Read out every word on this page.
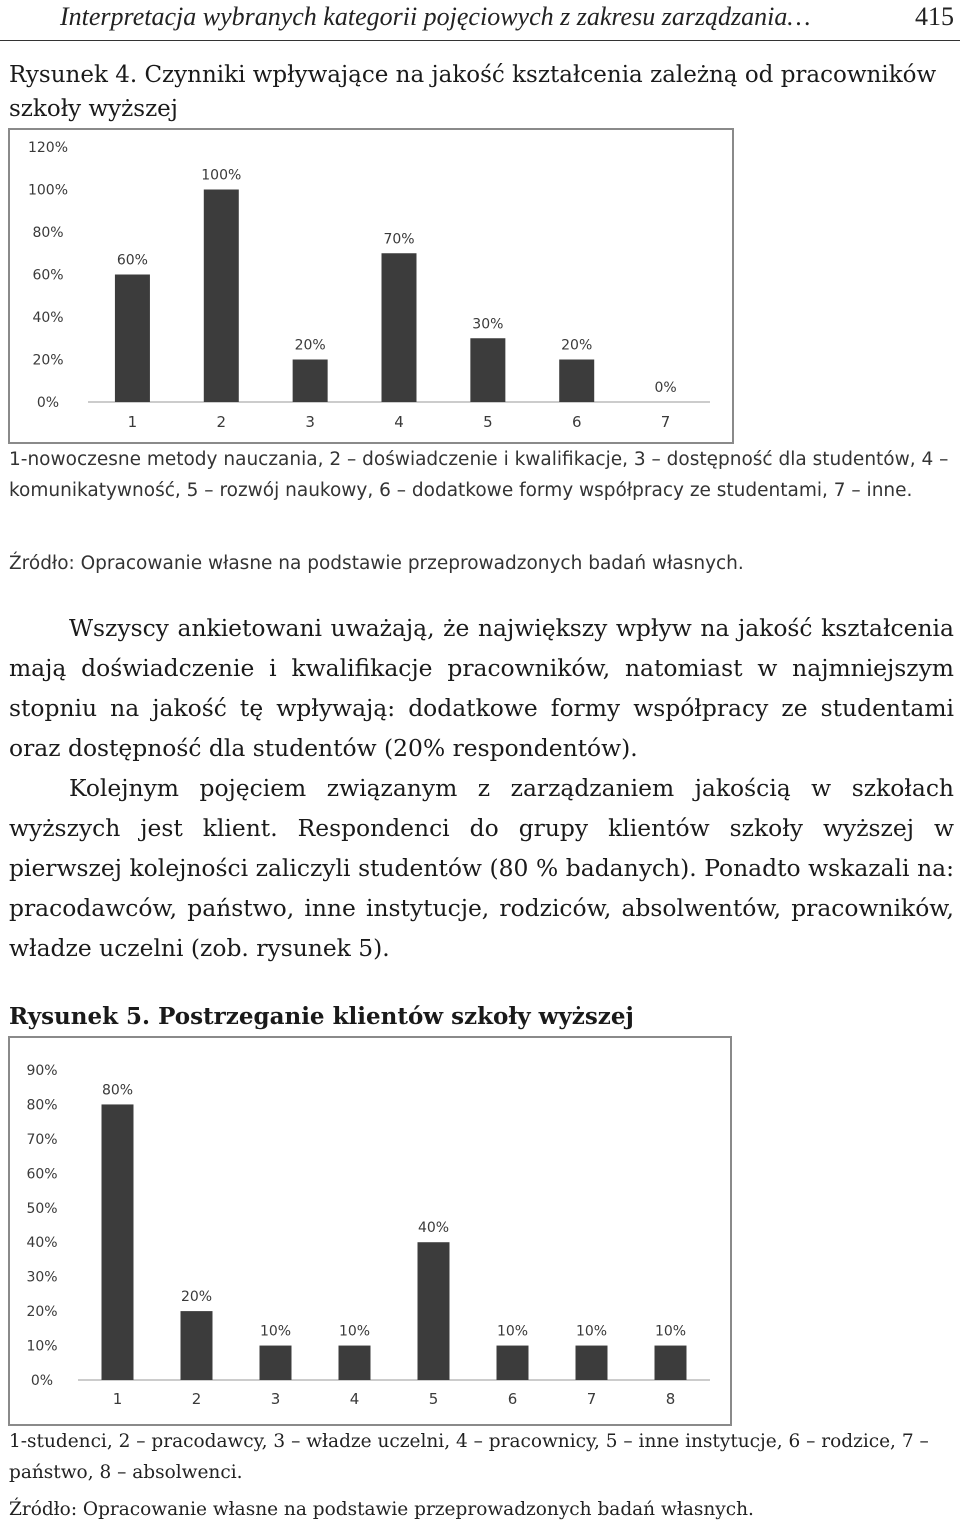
Interpretacja wybranych kategorii pojęciowych z zakresu zarządzania…	415
Rysunek 4. Czynniki wpływające na jakość kształcenia zależną od pracowników szkoły wyższej
0%
20%
40%
60%
80%
100%
120%
60%
1
100%
2
20%
3
70%
4
30%
5
20%
6
0%
7

1-nowoczesne metody nauczania, 2 – doświadczenie i kwalifikacje, 3 – dostępność dla studentów, 4 – komunikatywność, 5 – rozwój naukowy, 6 – dodatkowe formy współpracy ze studentami, 7 – inne.

Źródło: Opracowanie własne na podstawie przeprowadzonych badań własnych.

Wszyscy ankietowani uważają, że największy wpływ na jakość kształcenia mają doświadczenie i kwalifikacje pracowników, natomiast w najmniejszym stopniu na jakość tę wpływają: dodatkowe formy współpracy ze studentami oraz dostępność dla studentów (20% respondentów).

Kolejnym pojęciem związanym z zarządzaniem jakością w szkołach wyższych jest klient. Respondenci do grupy klientów szkoły wyższej w pierwszej kolejności zaliczyli studentów (80 % badanych). Ponadto wskazali na: pracodawców, państwo, inne instytucje, rodziców, absolwentów, pracowników, władze uczelni (zob. rysunek 5).

Rysunek 5. Postrzeganie klientów szkoły wyższej
0%
10%
20%
30%
40%
50%
60%
70%
80%
90%
80%
1
20%
2
10%
3
10%
4
40%
5
10%
6
10%
7
10%
8

1-studenci, 2 – pracodawcy, 3 – władze uczelni, 4 – pracownicy, 5 – inne instytucje, 6 – rodzice, 7 – państwo, 8 – absolwenci.

Źródło: Opracowanie własne na podstawie przeprowadzonych badań własnych.
